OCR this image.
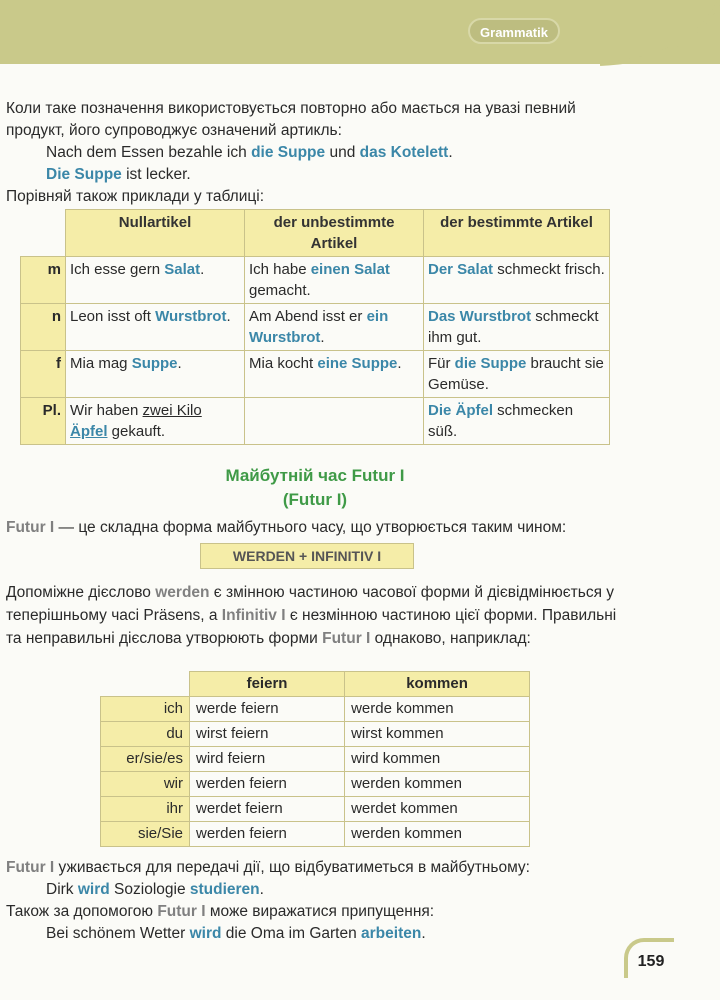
Grammatik

Коли таке позначення використовується повторно або мається на увазі певний
продукт, його супроводжує означений артикль:

Nach dem Essen bezahle ich die Suppe und das Kotelett.

Die Suppe ist lecker.

Порівняй також приклади у таблиці:

	Nullartikel	der unbestimmte Artikel	der bestimmte Artikel
m	Ich esse gern Salat.	Ich habe einen Salat gemacht.	Der Salat schmeckt frisch.
n	Leon isst oft Wurstbrot.	Am Abend isst er ein Wurstbrot.	Das Wurstbrot schmeckt ihm gut.
f	Mia mag Suppe.	Mia kocht eine Suppe.	Für die Suppe braucht sie Gemüse.
Pl.	Wir haben zwei Kilo
Äpfel gekauft.		Die Äpfel schmecken süß.

Майбутній час Futur I

(Futur I)

Futur I — це складна форма майбутнього часу, що утворюється таким чином:

WERDEN + INFINITIV I

Допоміжне дієслово werden є змінною частиною часової форми й дієвідмінюється у теперішньому часі Präsens, а Infinitiv I є незмінною частиною цієї форми. Правильні та неправильні дієслова утворюють форми Futur I однаково, наприклад:

	feiern	kommen
ich	werde feiern	werde kommen
du	wirst feiern	wirst kommen
er/sie/es	wird feiern	wird kommen
wir	werden feiern	werden kommen
ihr	werdet feiern	werdet kommen
sie/Sie	werden feiern	werden kommen

Futur I уживається для передачі дії, що відбуватиметься в майбутньому:

Dirk wird Soziologie studieren.

Також за допомогою Futur I може виражатися припущення:

Bei schönem Wetter wird die Oma im Garten arbeiten.

159
